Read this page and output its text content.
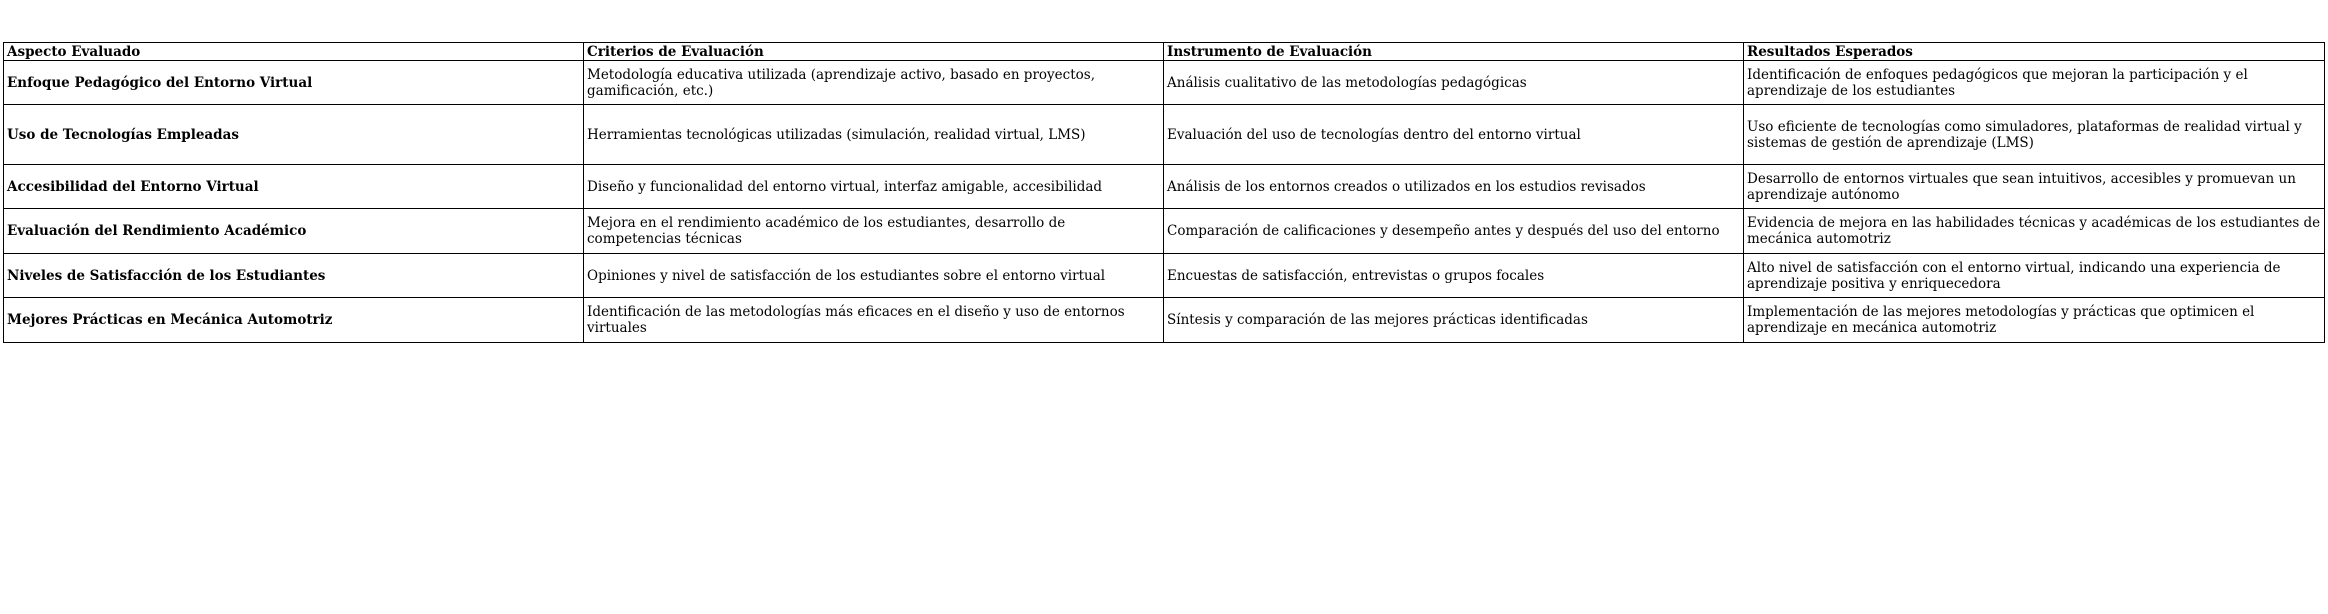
Aspecto Evaluado	Criterios de Evaluación	Instrumento de Evaluación	Resultados Esperados
Enfoque Pedagógico del Entorno Virtual	Metodología educativa utilizada (aprendizaje activo, basado en proyectos, gamificación, etc.)	Análisis cualitativo de las metodologías pedagógicas	Identificación de enfoques pedagógicos que mejoran la participación y el aprendizaje de los estudiantes
Uso de Tecnologías Empleadas	Herramientas tecnológicas utilizadas (simulación, realidad virtual, LMS)	Evaluación del uso de tecnologías dentro del entorno virtual	Uso eficiente de tecnologías como simuladores, plataformas de realidad virtual y sistemas de gestión de aprendizaje (LMS)
Accesibilidad del Entorno Virtual	Diseño y funcionalidad del entorno virtual, interfaz amigable, accesibilidad	Análisis de los entornos creados o utilizados en los estudios revisados	Desarrollo de entornos virtuales que sean intuitivos, accesibles y promuevan un aprendizaje autónomo
Evaluación del Rendimiento Académico	Mejora en el rendimiento académico de los estudiantes, desarrollo de competencias técnicas	Comparación de calificaciones y desempeño antes y después del uso del entorno	Evidencia de mejora en las habilidades técnicas y académicas de los estudiantes de mecánica automotriz
Niveles de Satisfacción de los Estudiantes	Opiniones y nivel de satisfacción de los estudiantes sobre el entorno virtual	Encuestas de satisfacción, entrevistas o grupos focales	Alto nivel de satisfacción con el entorno virtual, indicando una experiencia de aprendizaje positiva y enriquecedora
Mejores Prácticas en Mecánica Automotriz	Identificación de las metodologías más eficaces en el diseño y uso de entornos virtuales	Síntesis y comparación de las mejores prácticas identificadas	Implementación de las mejores metodologías y prácticas que optimicen el aprendizaje en mecánica automotriz
